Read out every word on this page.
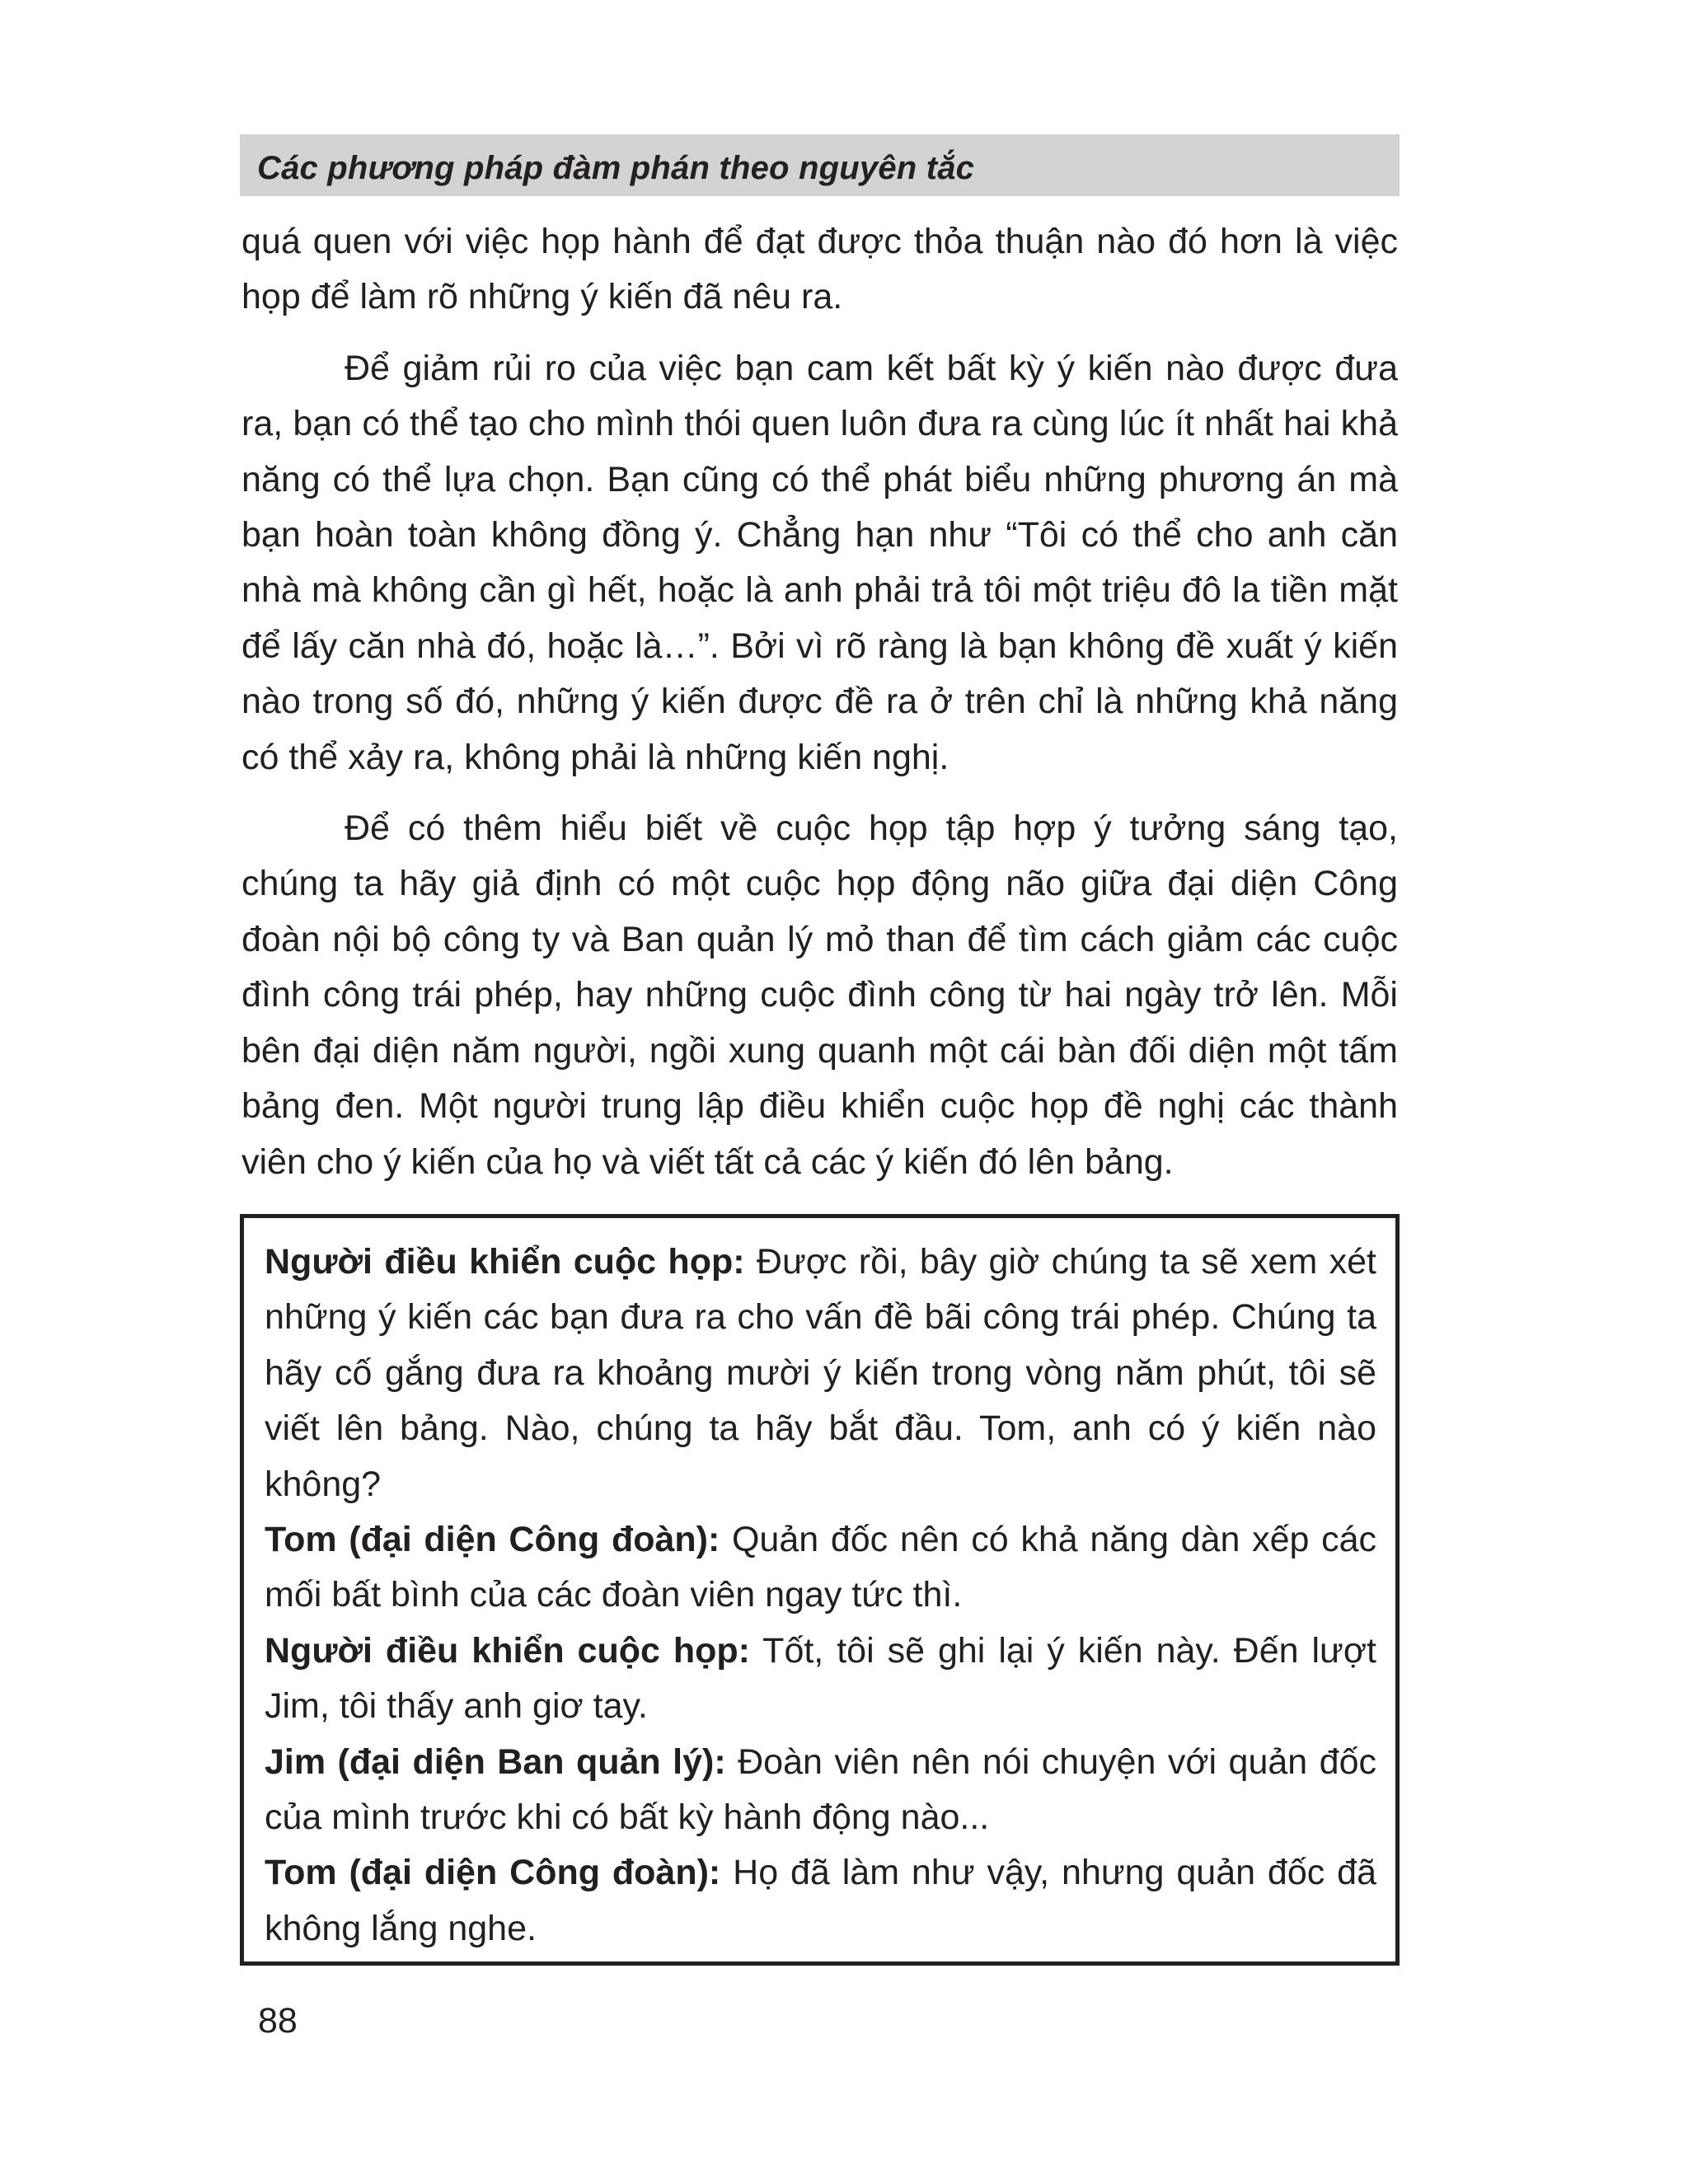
Các phương pháp đàm phán theo nguyên tắc

quá quen với việc họp hành để đạt được thỏa thuận nào đó hơn là việc họp để làm rõ những ý kiến đã nêu ra.

Để giảm rủi ro của việc bạn cam kết bất kỳ ý kiến nào được đưa ra, bạn có thể tạo cho mình thói quen luôn đưa ra cùng lúc ít nhất hai khả năng có thể lựa chọn. Bạn cũng có thể phát biểu những phương án mà bạn hoàn toàn không đồng ý. Chẳng hạn như “Tôi có thể cho anh căn nhà mà không cần gì hết, hoặc là anh phải trả tôi một triệu đô la tiền mặt để lấy căn nhà đó, hoặc là…”. Bởi vì rõ ràng là bạn không đề xuất ý kiến nào trong số đó, những ý kiến được đề ra ở trên chỉ là những khả năng có thể xảy ra, không phải là những kiến nghị.

Để có thêm hiểu biết về cuộc họp tập hợp ý tưởng sáng tạo, chúng ta hãy giả định có một cuộc họp động não giữa đại diện Công đoàn nội bộ công ty và Ban quản lý mỏ than để tìm cách giảm các cuộc đình công trái phép, hay những cuộc đình công từ hai ngày trở lên. Mỗi bên đại diện năm người, ngồi xung quanh một cái bàn đối diện một tấm bảng đen. Một người trung lập điều khiển cuộc họp đề nghị các thành viên cho ý kiến của họ và viết tất cả các ý kiến đó lên bảng.

Người điều khiển cuộc họp: Được rồi, bây giờ chúng ta sẽ xem xét những ý kiến các bạn đưa ra cho vấn đề bãi công trái phép. Chúng ta hãy cố gắng đưa ra khoảng mười ý kiến trong vòng năm phút, tôi sẽ viết lên bảng. Nào, chúng ta hãy bắt đầu. Tom, anh có ý kiến nào không?

Tom (đại diện Công đoàn): Quản đốc nên có khả năng dàn xếp các mối bất bình của các đoàn viên ngay tức thì.

Người điều khiển cuộc họp: Tốt, tôi sẽ ghi lại ý kiến này. Đến lượt Jim, tôi thấy anh giơ tay.

Jim (đại diện Ban quản lý): Đoàn viên nên nói chuyện với quản đốc của mình trước khi có bất kỳ hành động nào...

Tom (đại diện Công đoàn): Họ đã làm như vậy, nhưng quản đốc đã không lắng nghe.

88
